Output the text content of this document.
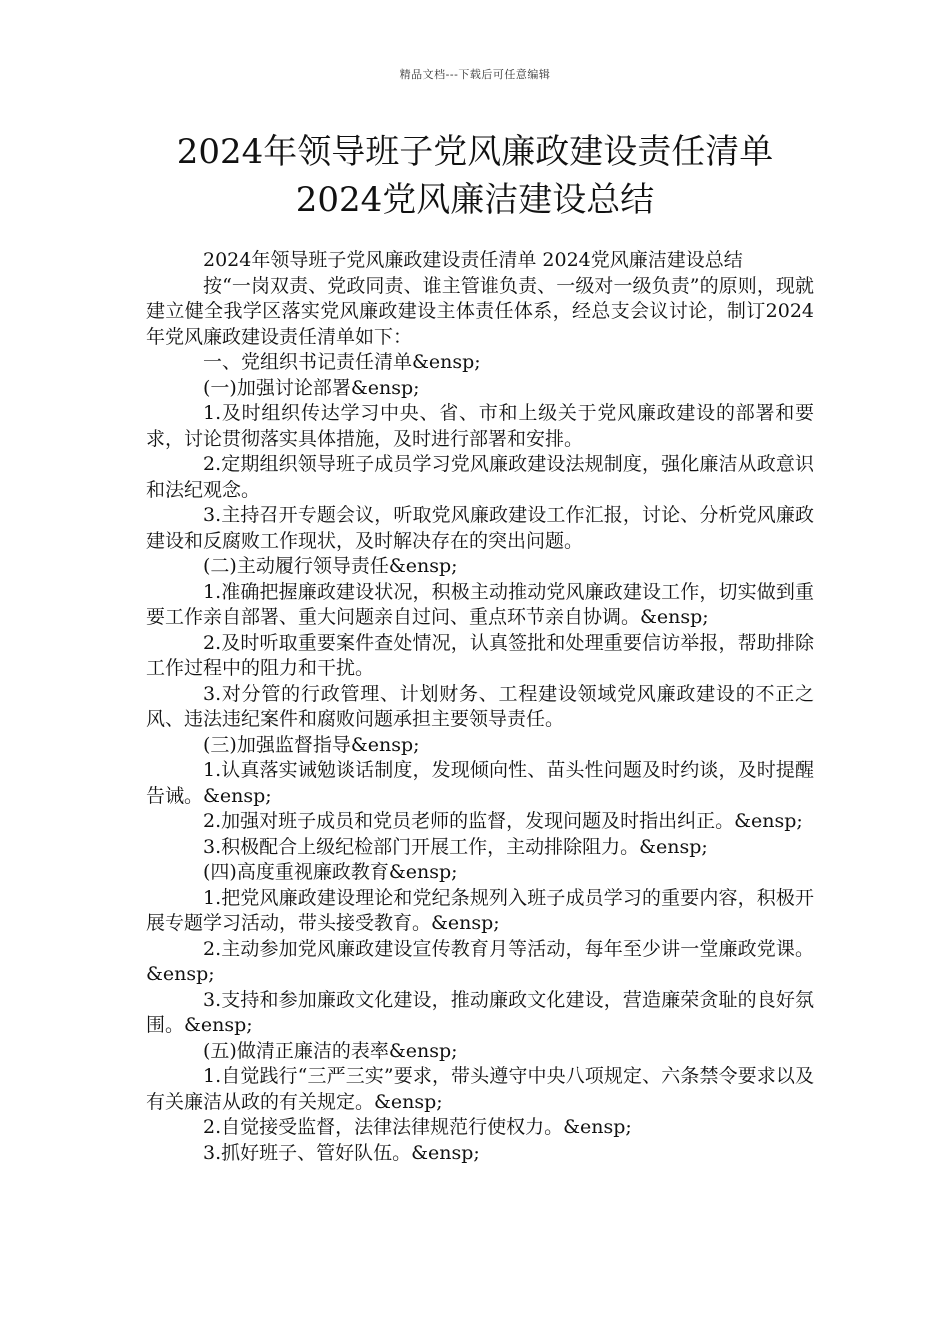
精品文档---下载后可任意编辑
2024年领导班子党风廉政建设责任清单
2024党风廉洁建设总结

2024年领导班子党风廉政建设责任清单 2024党风廉洁建设总结

按“一岗双责、党政同责、谁主管谁负责、一级对一级负责”的原则，现就建立健全我学区落实党风廉政建设主体责任体系，经总支会议讨论，制订2024年党风廉政建设责任清单如下：

一、党组织书记责任清单&ensp;

(一)加强讨论部署&ensp;

1.及时组织传达学习中央、省、市和上级关于党风廉政建设的部署和要求，讨论贯彻落实具体措施，及时进行部署和安排。

2.定期组织领导班子成员学习党风廉政建设法规制度，强化廉洁从政意识和法纪观念。

3.主持召开专题会议，听取党风廉政建设工作汇报，讨论、分析党风廉政建设和反腐败工作现状，及时解决存在的突出问题。

(二)主动履行领导责任&ensp;

1.准确把握廉政建设状况，积极主动推动党风廉政建设工作，切实做到重要工作亲自部署、重大问题亲自过问、重点环节亲自协调。&ensp;

2.及时听取重要案件查处情况，认真签批和处理重要信访举报，帮助排除工作过程中的阻力和干扰。

3.对分管的行政管理、计划财务、工程建设领域党风廉政建设的不正之风、违法违纪案件和腐败问题承担主要领导责任。

(三)加强监督指导&ensp;

1.认真落实诫勉谈话制度，发现倾向性、苗头性问题及时约谈，及时提醒告诫。&ensp;

2.加强对班子成员和党员老师的监督，发现问题及时指出纠正。&ensp;

3.积极配合上级纪检部门开展工作，主动排除阻力。&ensp;

(四)高度重视廉政教育&ensp;

1.把党风廉政建设理论和党纪条规列入班子成员学习的重要内容，积极开展专题学习活动，带头接受教育。&ensp;

2.主动参加党风廉政建设宣传教育月等活动，每年至少讲一堂廉政党课。&ensp;

3.支持和参加廉政文化建设，推动廉政文化建设，营造廉荣贪耻的良好氛围。&ensp;

(五)做清正廉洁的表率&ensp;

1.自觉践行“三严三实”要求，带头遵守中央八项规定、六条禁令要求以及有关廉洁从政的有关规定。&ensp;

2.自觉接受监督，法律法律规范行使权力。&ensp;

3.抓好班子、管好队伍。&ensp;
